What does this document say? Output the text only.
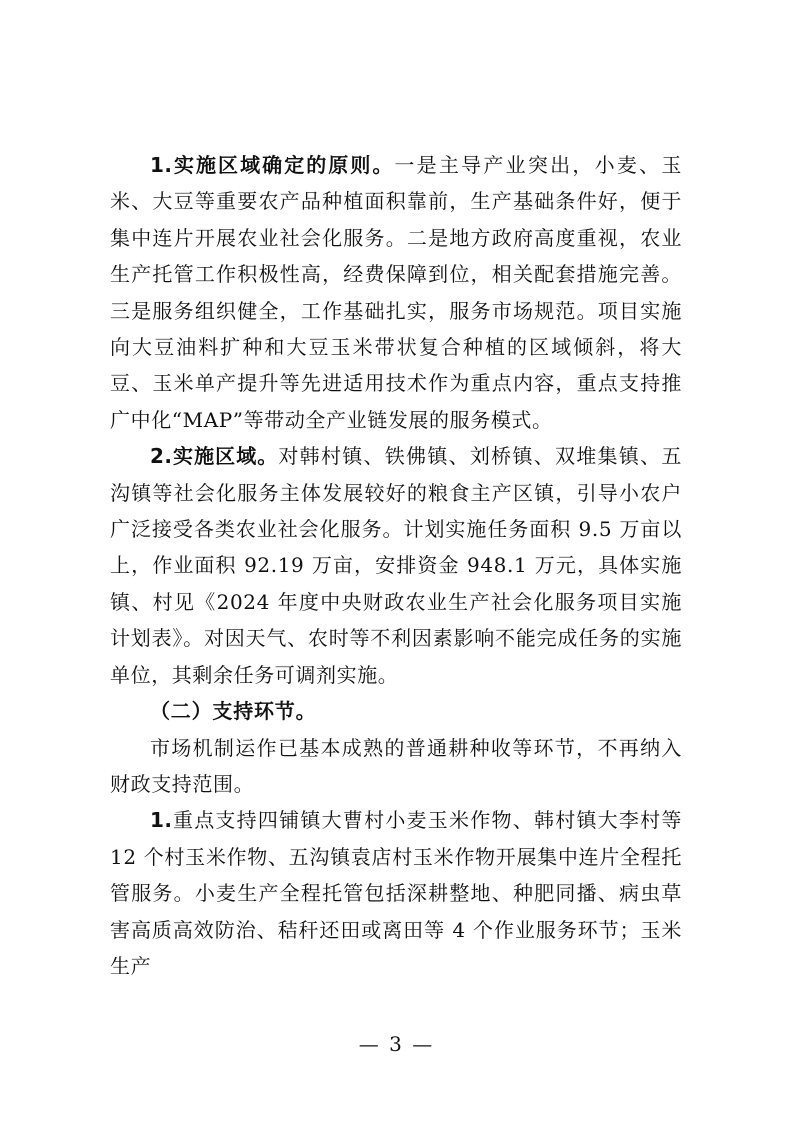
1.实施区域确定的原则。一是主导产业突出，小麦、玉米、大豆等重要农产品种植面积靠前，生产基础条件好，便于集中连片开展农业社会化服务。二是地方政府高度重视，农业生产托管工作积极性高，经费保障到位，相关配套措施完善。三是服务组织健全，工作基础扎实，服务市场规范。项目实施向大豆油料扩种和大豆玉米带状复合种植的区域倾斜，将大豆、玉米单产提升等先进适用技术作为重点内容，重点支持推广中化“MAP”等带动全产业链发展的服务模式。

2.实施区域。对韩村镇、铁佛镇、刘桥镇、双堆集镇、五沟镇等社会化服务主体发展较好的粮食主产区镇，引导小农户广泛接受各类农业社会化服务。计划实施任务面积 9.5 万亩以上，作业面积 92.19 万亩，安排资金 948.1 万元，具体实施镇、村见《2024 年度中央财政农业生产社会化服务项目实施计划表》。对因天气、农时等不利因素影响不能完成任务的实施单位，其剩余任务可调剂实施。

（二）支持环节。

市场机制运作已基本成熟的普通耕种收等环节，不再纳入财政支持范围。

1.重点支持四铺镇大曹村小麦玉米作物、韩村镇大李村等 12 个村玉米作物、五沟镇袁店村玉米作物开展集中连片全程托管服务。小麦生产全程托管包括深耕整地、种肥同播、病虫草害高质高效防治、秸秆还田或离田等 4 个作业服务环节；玉米生产

— 3 —
